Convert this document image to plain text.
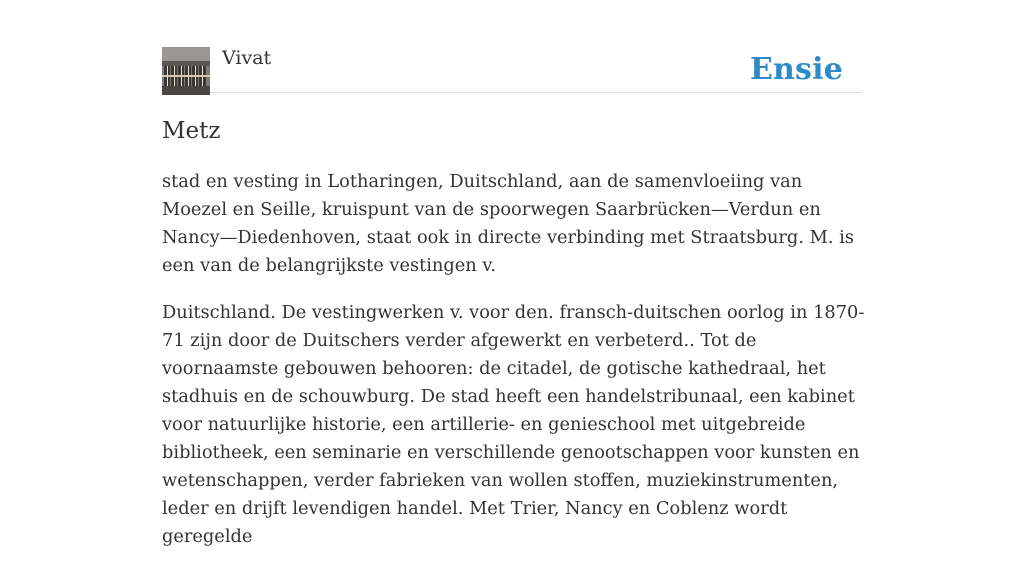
Vivat	Ensie
Metz

stad en vesting in Lotharingen, Duitschland, aan de samenvloeiing van Moezel en Seille, kruispunt van de spoorwegen Saarbrücken—Verdun en Nancy—Diedenhoven, staat ook in directe verbinding met Straatsburg. M. is een van de belangrijkste vestingen v.

Duitschland. De vestingwerken v. voor den. fransch-duitschen oorlog in 1870-71 zijn door de Duitschers verder afgewerkt en verbeterd.. Tot de voornaamste gebouwen behooren: de citadel, de gotische kathedraal, het stadhuis en de schouwburg. De stad heeft een handelstribunaal, een kabinet voor natuurlijke historie, een artillerie- en genieschool met uitgebreide bibliotheek, een seminarie en verschillende genootschappen voor kunsten en wetenschappen, verder fabrieken van wollen stoffen, muziekinstrumenten, leder en drijft levendigen handel. Met Trier, Nancy en Coblenz wordt geregelde
